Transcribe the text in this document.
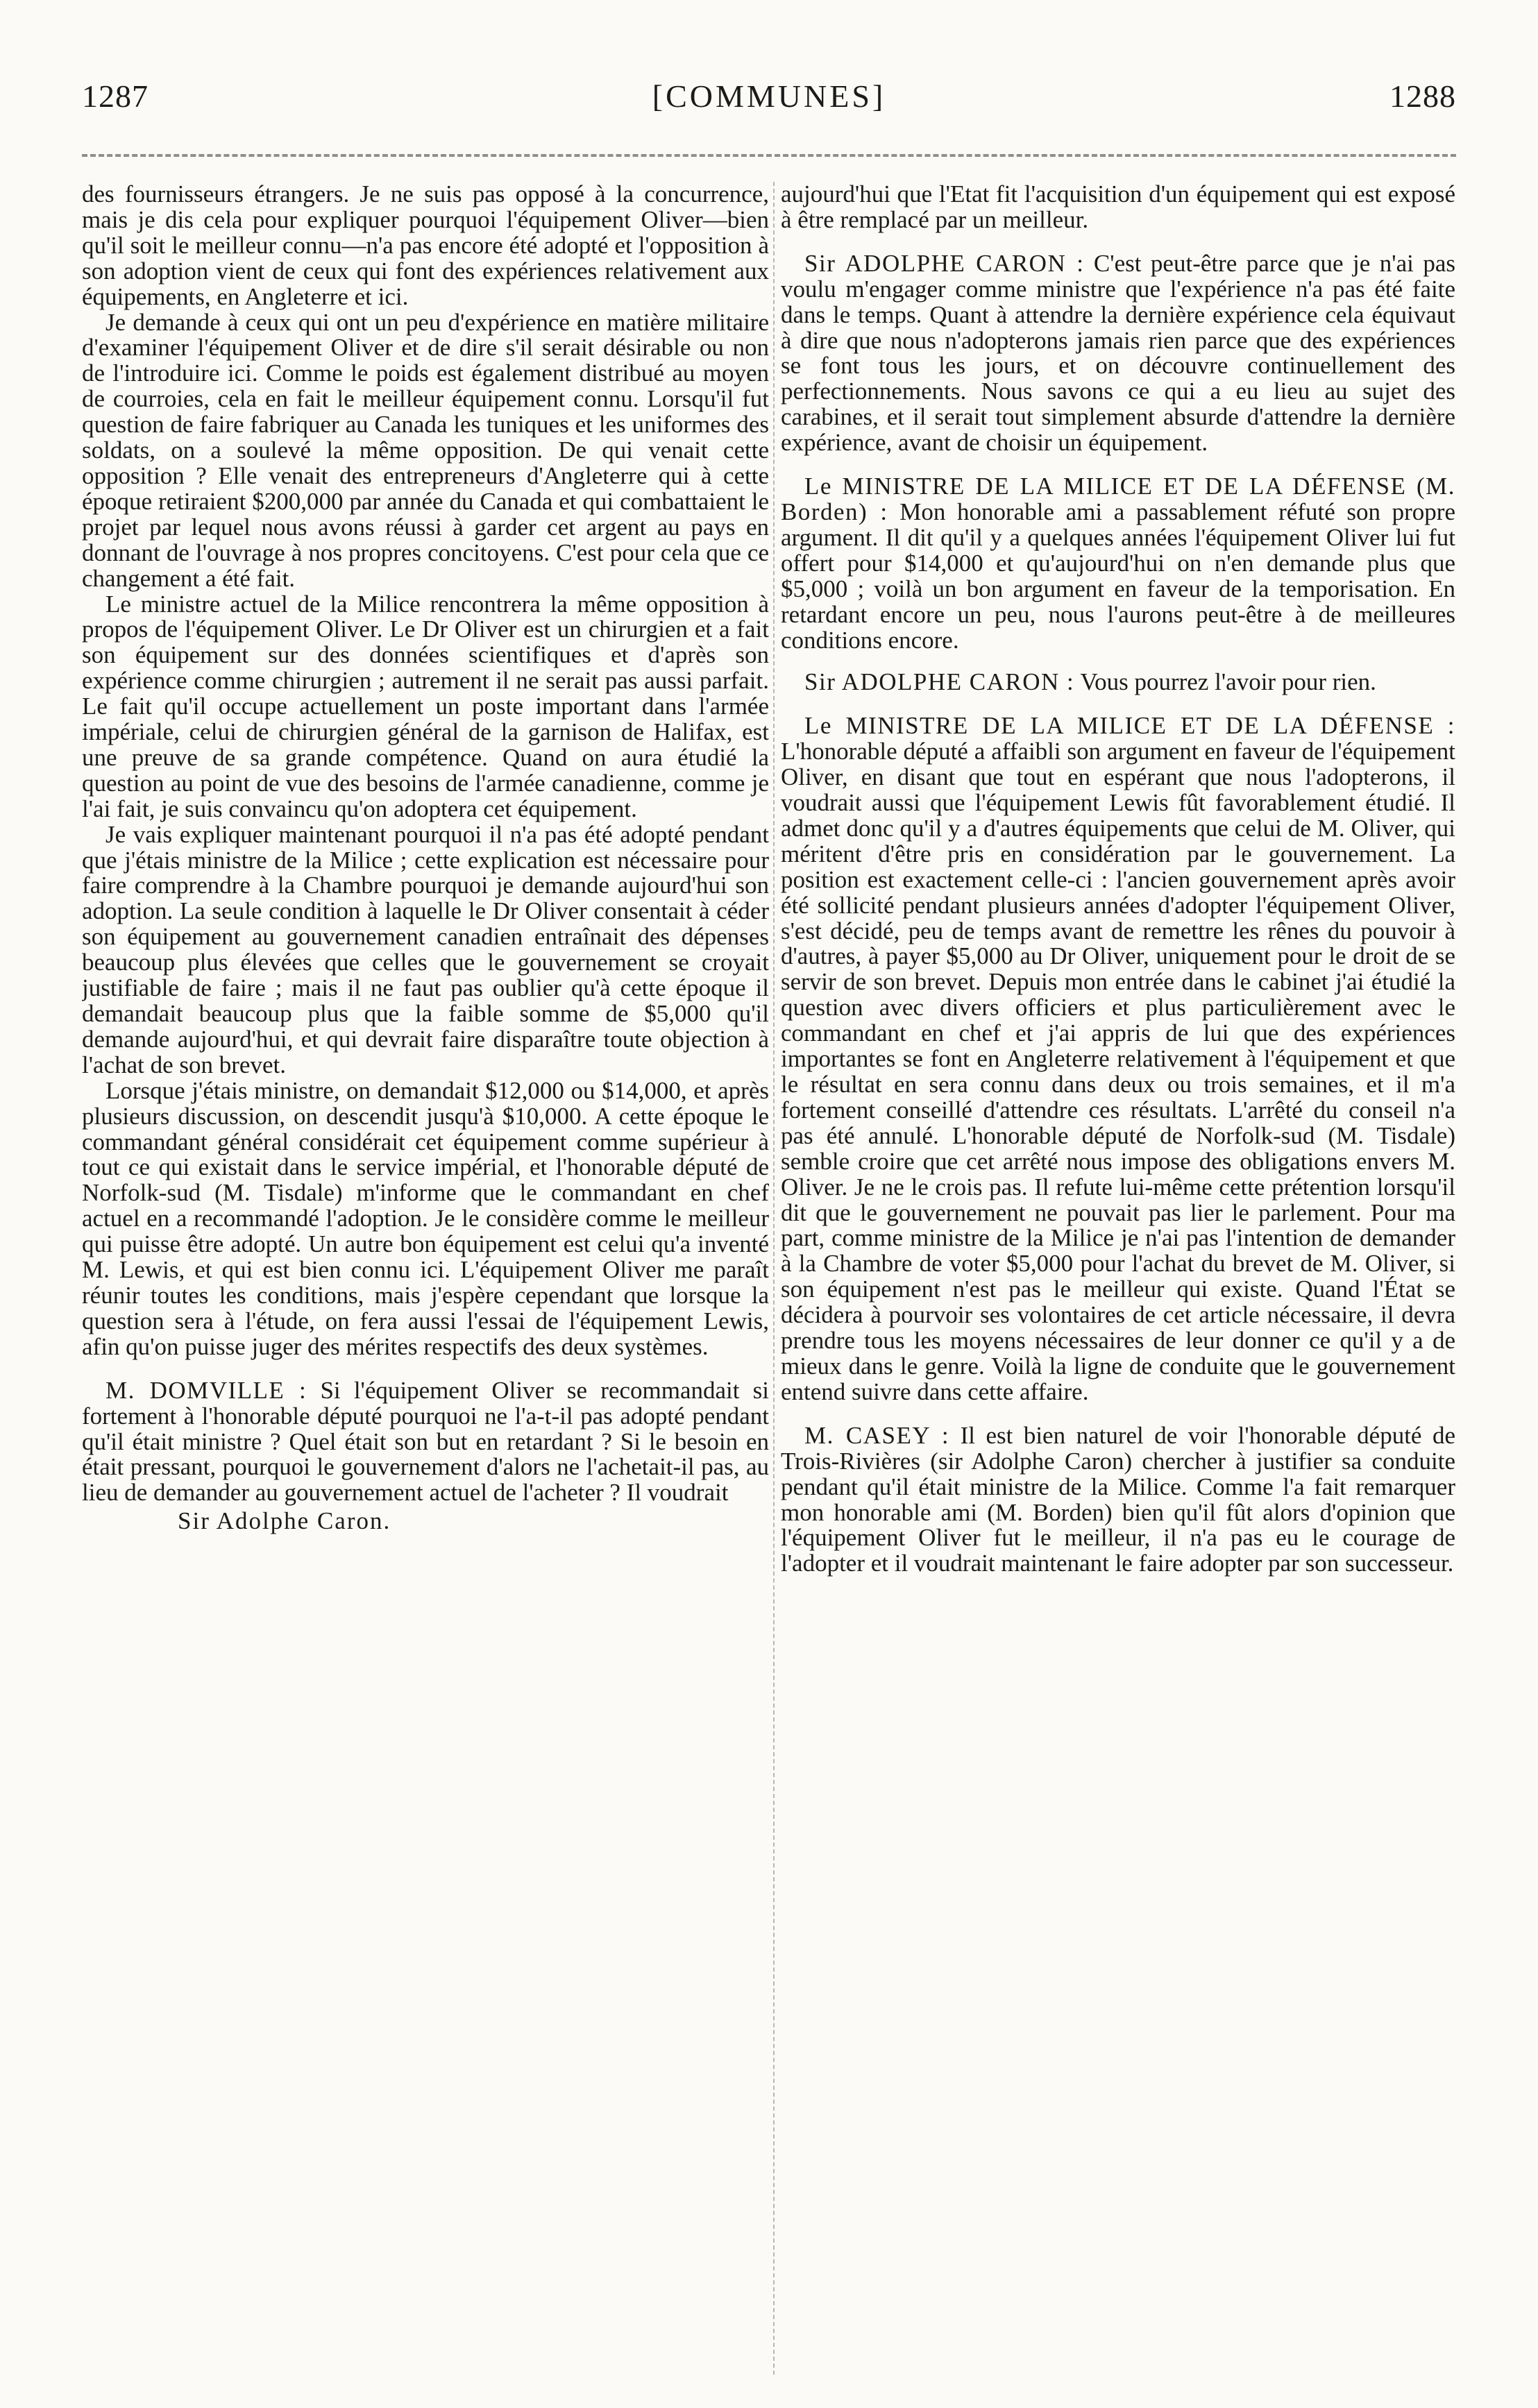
[COMMUNES]
1287	1288

des fournisseurs étrangers. Je ne suis pas opposé à la concurrence, mais je dis cela pour expliquer pourquoi l'équipement Oliver—bien qu'il soit le meilleur connu—n'a pas encore été adopté et l'opposition à son adoption vient de ceux qui font des expériences relativement aux équipements, en Angleterre et ici.

Je demande à ceux qui ont un peu d'expérience en matière militaire d'examiner l'équipement Oliver et de dire s'il serait désirable ou non de l'introduire ici. Comme le poids est également distribué au moyen de courroies, cela en fait le meilleur équipement connu. Lorsqu'il fut question de faire fabriquer au Canada les tuniques et les uniformes des soldats, on a soulevé la même opposition. De qui venait cette opposition ? Elle venait des entrepreneurs d'Angleterre qui à cette époque retiraient $200,000 par année du Canada et qui combattaient le projet par lequel nous avons réussi à garder cet argent au pays en donnant de l'ouvrage à nos propres concitoyens. C'est pour cela que ce changement a été fait.

Le ministre actuel de la Milice rencontrera la même opposition à propos de l'équipement Oliver. Le Dr Oliver est un chirurgien et a fait son équipement sur des données scientifiques et d'après son expérience comme chirurgien ; autrement il ne serait pas aussi parfait. Le fait qu'il occupe actuellement un poste important dans l'armée impériale, celui de chirurgien général de la garnison de Halifax, est une preuve de sa grande compétence. Quand on aura étudié la question au point de vue des besoins de l'armée canadienne, comme je l'ai fait, je suis convaincu qu'on adoptera cet équipement.

Je vais expliquer maintenant pourquoi il n'a pas été adopté pendant que j'étais ministre de la Milice ; cette explication est nécessaire pour faire comprendre à la Chambre pourquoi je demande aujourd'hui son adoption. La seule condition à laquelle le Dr Oliver consentait à céder son équipement au gouvernement canadien entraînait des dépenses beaucoup plus élevées que celles que le gouvernement se croyait justifiable de faire ; mais il ne faut pas oublier qu'à cette époque il demandait beaucoup plus que la faible somme de $5,000 qu'il demande aujourd'hui, et qui devrait faire disparaître toute objection à l'achat de son brevet.

Lorsque j'étais ministre, on demandait $12,000 ou $14,000, et après plusieurs discussion, on descendit jusqu'à $10,000. A cette époque le commandant général considérait cet équipement comme supérieur à tout ce qui existait dans le service impérial, et l'honorable député de Norfolk-sud (M. Tisdale) m'informe que le commandant en chef actuel en a recommandé l'adoption. Je le considère comme le meilleur qui puisse être adopté. Un autre bon équipement est celui qu'a inventé M. Lewis, et qui est bien connu ici. L'équipement Oliver me paraît réunir toutes les conditions, mais j'espère cependant que lorsque la question sera à l'étude, on fera aussi l'essai de l'équipement Lewis, afin qu'on puisse juger des mérites respectifs des deux systèmes.

M. DOMVILLE : Si l'équipement Oliver se recommandait si fortement à l'honorable député pourquoi ne l'a-t-il pas adopté pendant qu'il était ministre ? Quel était son but en retardant ? Si le besoin en était pressant, pourquoi le gouvernement d'alors ne l'achetait-il pas, au lieu de demander au gouvernement actuel de l'acheter ? Il voudrait

Sir Adolphe Caron.

aujourd'hui que l'Etat fit l'acquisition d'un équipement qui est exposé à être remplacé par un meilleur.

Sir ADOLPHE CARON : C'est peut-être parce que je n'ai pas voulu m'engager comme ministre que l'expérience n'a pas été faite dans le temps. Quant à attendre la dernière expérience cela équivaut à dire que nous n'adopterons jamais rien parce que des expériences se font tous les jours, et on découvre continuellement des perfectionnements. Nous savons ce qui a eu lieu au sujet des carabines, et il serait tout simplement absurde d'attendre la dernière expérience, avant de choisir un équipement.

Le MINISTRE DE LA MILICE ET DE LA DÉFENSE (M. Borden) : Mon honorable ami a passablement réfuté son propre argument. Il dit qu'il y a quelques années l'équipement Oliver lui fut offert pour $14,000 et qu'aujourd'hui on n'en demande plus que $5,000 ; voilà un bon argument en faveur de la temporisation. En retardant encore un peu, nous l'aurons peut-être à de meilleures conditions encore.

Sir ADOLPHE CARON : Vous pourrez l'avoir pour rien.

Le MINISTRE DE LA MILICE ET DE LA DÉFENSE : L'honorable député a affaibli son argument en faveur de l'équipement Oliver, en disant que tout en espérant que nous l'adopterons, il voudrait aussi que l'équipement Lewis fût favorablement étudié. Il admet donc qu'il y a d'autres équipements que celui de M. Oliver, qui méritent d'être pris en considération par le gouvernement. La position est exactement celle-ci : l'ancien gouvernement après avoir été sollicité pendant plusieurs années d'adopter l'équipement Oliver, s'est décidé, peu de temps avant de remettre les rênes du pouvoir à d'autres, à payer $5,000 au Dr Oliver, uniquement pour le droit de se servir de son brevet. Depuis mon entrée dans le cabinet j'ai étudié la question avec divers officiers et plus particulièrement avec le commandant en chef et j'ai appris de lui que des expériences importantes se font en Angleterre relativement à l'équipement et que le résultat en sera connu dans deux ou trois semaines, et il m'a fortement conseillé d'attendre ces résultats. L'arrêté du conseil n'a pas été annulé. L'honorable député de Norfolk-sud (M. Tisdale) semble croire que cet arrêté nous impose des obligations envers M. Oliver. Je ne le crois pas. Il refute lui-même cette prétention lorsqu'il dit que le gouvernement ne pouvait pas lier le parlement. Pour ma part, comme ministre de la Milice je n'ai pas l'intention de demander à la Chambre de voter $5,000 pour l'achat du brevet de M. Oliver, si son équipement n'est pas le meilleur qui existe. Quand l'État se décidera à pourvoir ses volontaires de cet article nécessaire, il devra prendre tous les moyens nécessaires de leur donner ce qu'il y a de mieux dans le genre. Voilà la ligne de conduite que le gouvernement entend suivre dans cette affaire.

M. CASEY : Il est bien naturel de voir l'honorable député de Trois-Rivières (sir Adolphe Caron) chercher à justifier sa conduite pendant qu'il était ministre de la Milice. Comme l'a fait remarquer mon honorable ami (M. Borden) bien qu'il fût alors d'opinion que l'équipement Oliver fut le meilleur, il n'a pas eu le courage de l'adopter et il voudrait maintenant le faire adopter par son successeur.
